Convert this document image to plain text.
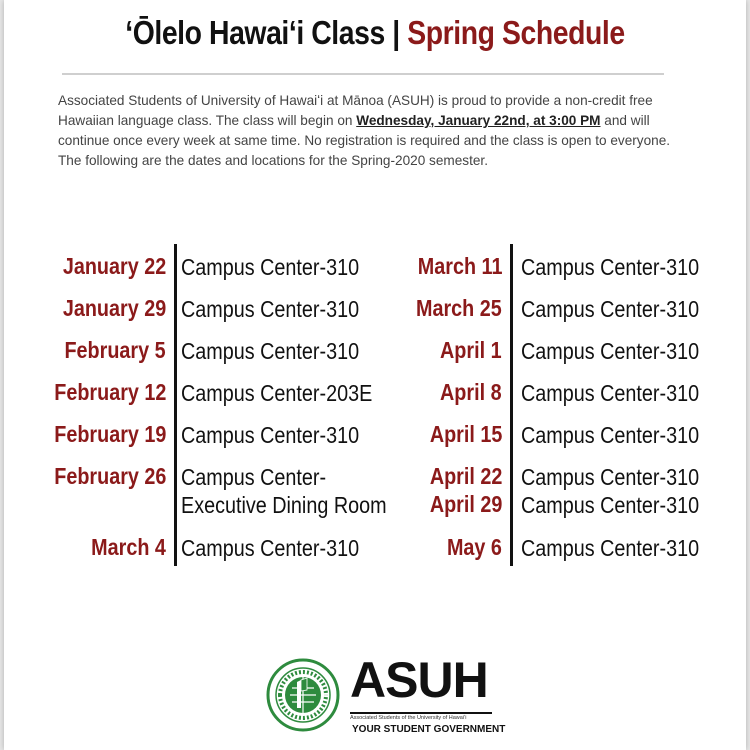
‘Ōlelo Hawaiʻi Class | Spring Schedule
Associated Students of University of Hawaiʻi at Mānoa (ASUH) is proud to provide a non-credit free Hawaiian language class. The class will begin on Wednesday, January 22nd, at 3:00 PM and will continue once every week at same time. No registration is required and the class is open to everyone. The following are the dates and locations for the Spring-2020 semester.
January 22 Campus Center-310
January 29 Campus Center-310
February 5 Campus Center-310
February 12 Campus Center-203E
February 19 Campus Center-310
February 26 Campus Center-
Executive Dining Room
March 4 Campus Center-310
March 11 Campus Center-310
March 25 Campus Center-310
April 1 Campus Center-310
April 8 Campus Center-310
April 15 Campus Center-310
April 22 Campus Center-310
April 29 Campus Center-310
May 6 Campus Center-310
ASUH
Associated Students of the University of Hawaiʻi
YOUR STUDENT GOVERNMENT
